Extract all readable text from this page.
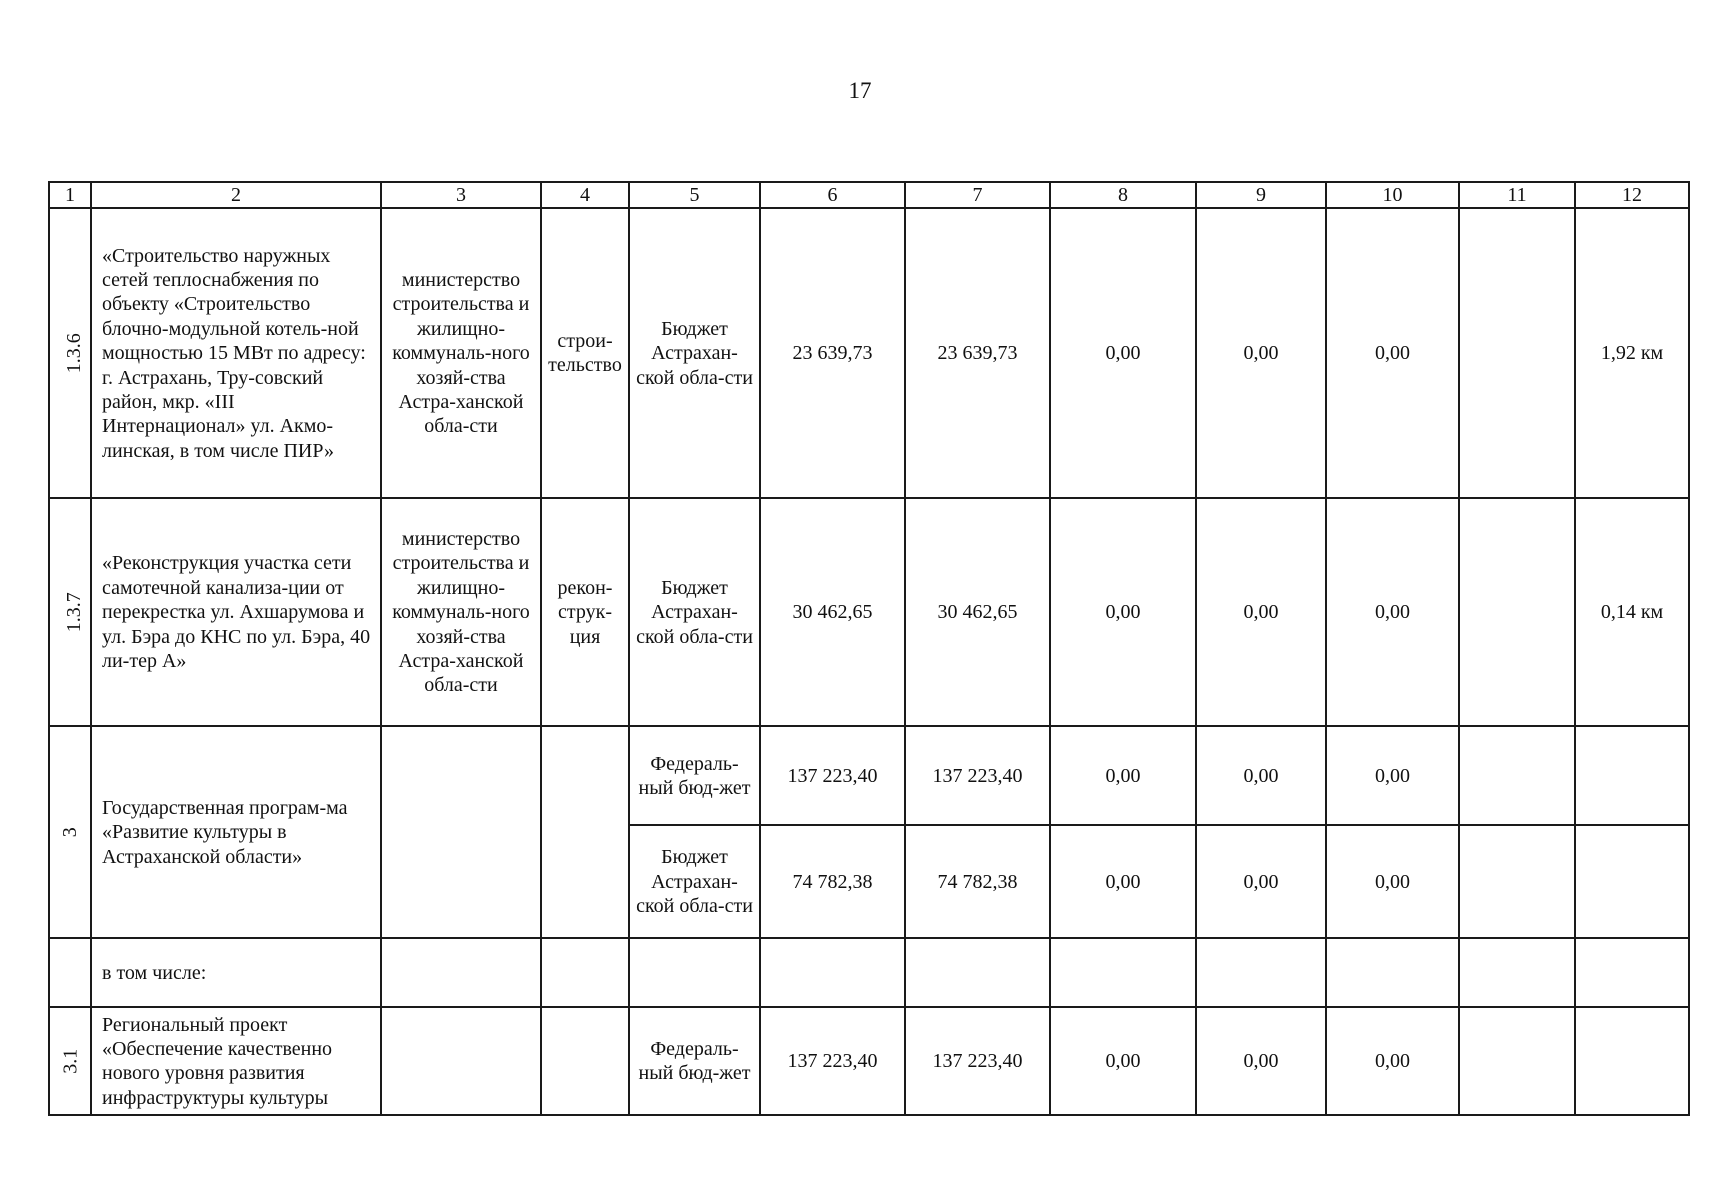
17
1	2	3	4	5	6	7	8	9	10	11	12
1.3.6	«Строительство наружных сетей теплоснабжения по объекту «Строительство блочно-модульной котель-ной мощностью 15 МВт по адресу: г. Астрахань, Тру-совский район, мкр. «III Интернационал» ул. Акмо-линская, в том числе ПИР»	министерство строительства и жилищно-коммуналь-ного хозяй-ства Астра-ханской обла-сти	строи-тельство	Бюджет Астрахан-ской обла-сти	23 639,73	23 639,73	0,00	0,00	0,00		1,92 км
1.3.7	«Реконструкция участка сети самотечной канализа-ции от перекрестка ул. Ахшарумова и ул. Бэра до КНС по ул. Бэра, 40 ли-тер А»	министерство строительства и жилищно-коммуналь-ного хозяй-ства Астра-ханской обла-сти	рекон-струк-ция	Бюджет Астрахан-ской обла-сти	30 462,65	30 462,65	0,00	0,00	0,00		0,14 км
3	Государственная програм-ма «Развитие культуры в Астраханской области»			Федераль-ный бюд-жет	137 223,40	137 223,40	0,00	0,00	0,00		
				Бюджет Астрахан-ской обла-сти	74 782,38	74 782,38	0,00	0,00	0,00		
	в том числе:										
3.1	Региональный проект «Обеспечение качественно нового уровня развития инфраструктуры культуры			Федераль-ный бюд-жет	137 223,40	137 223,40	0,00	0,00	0,00		
